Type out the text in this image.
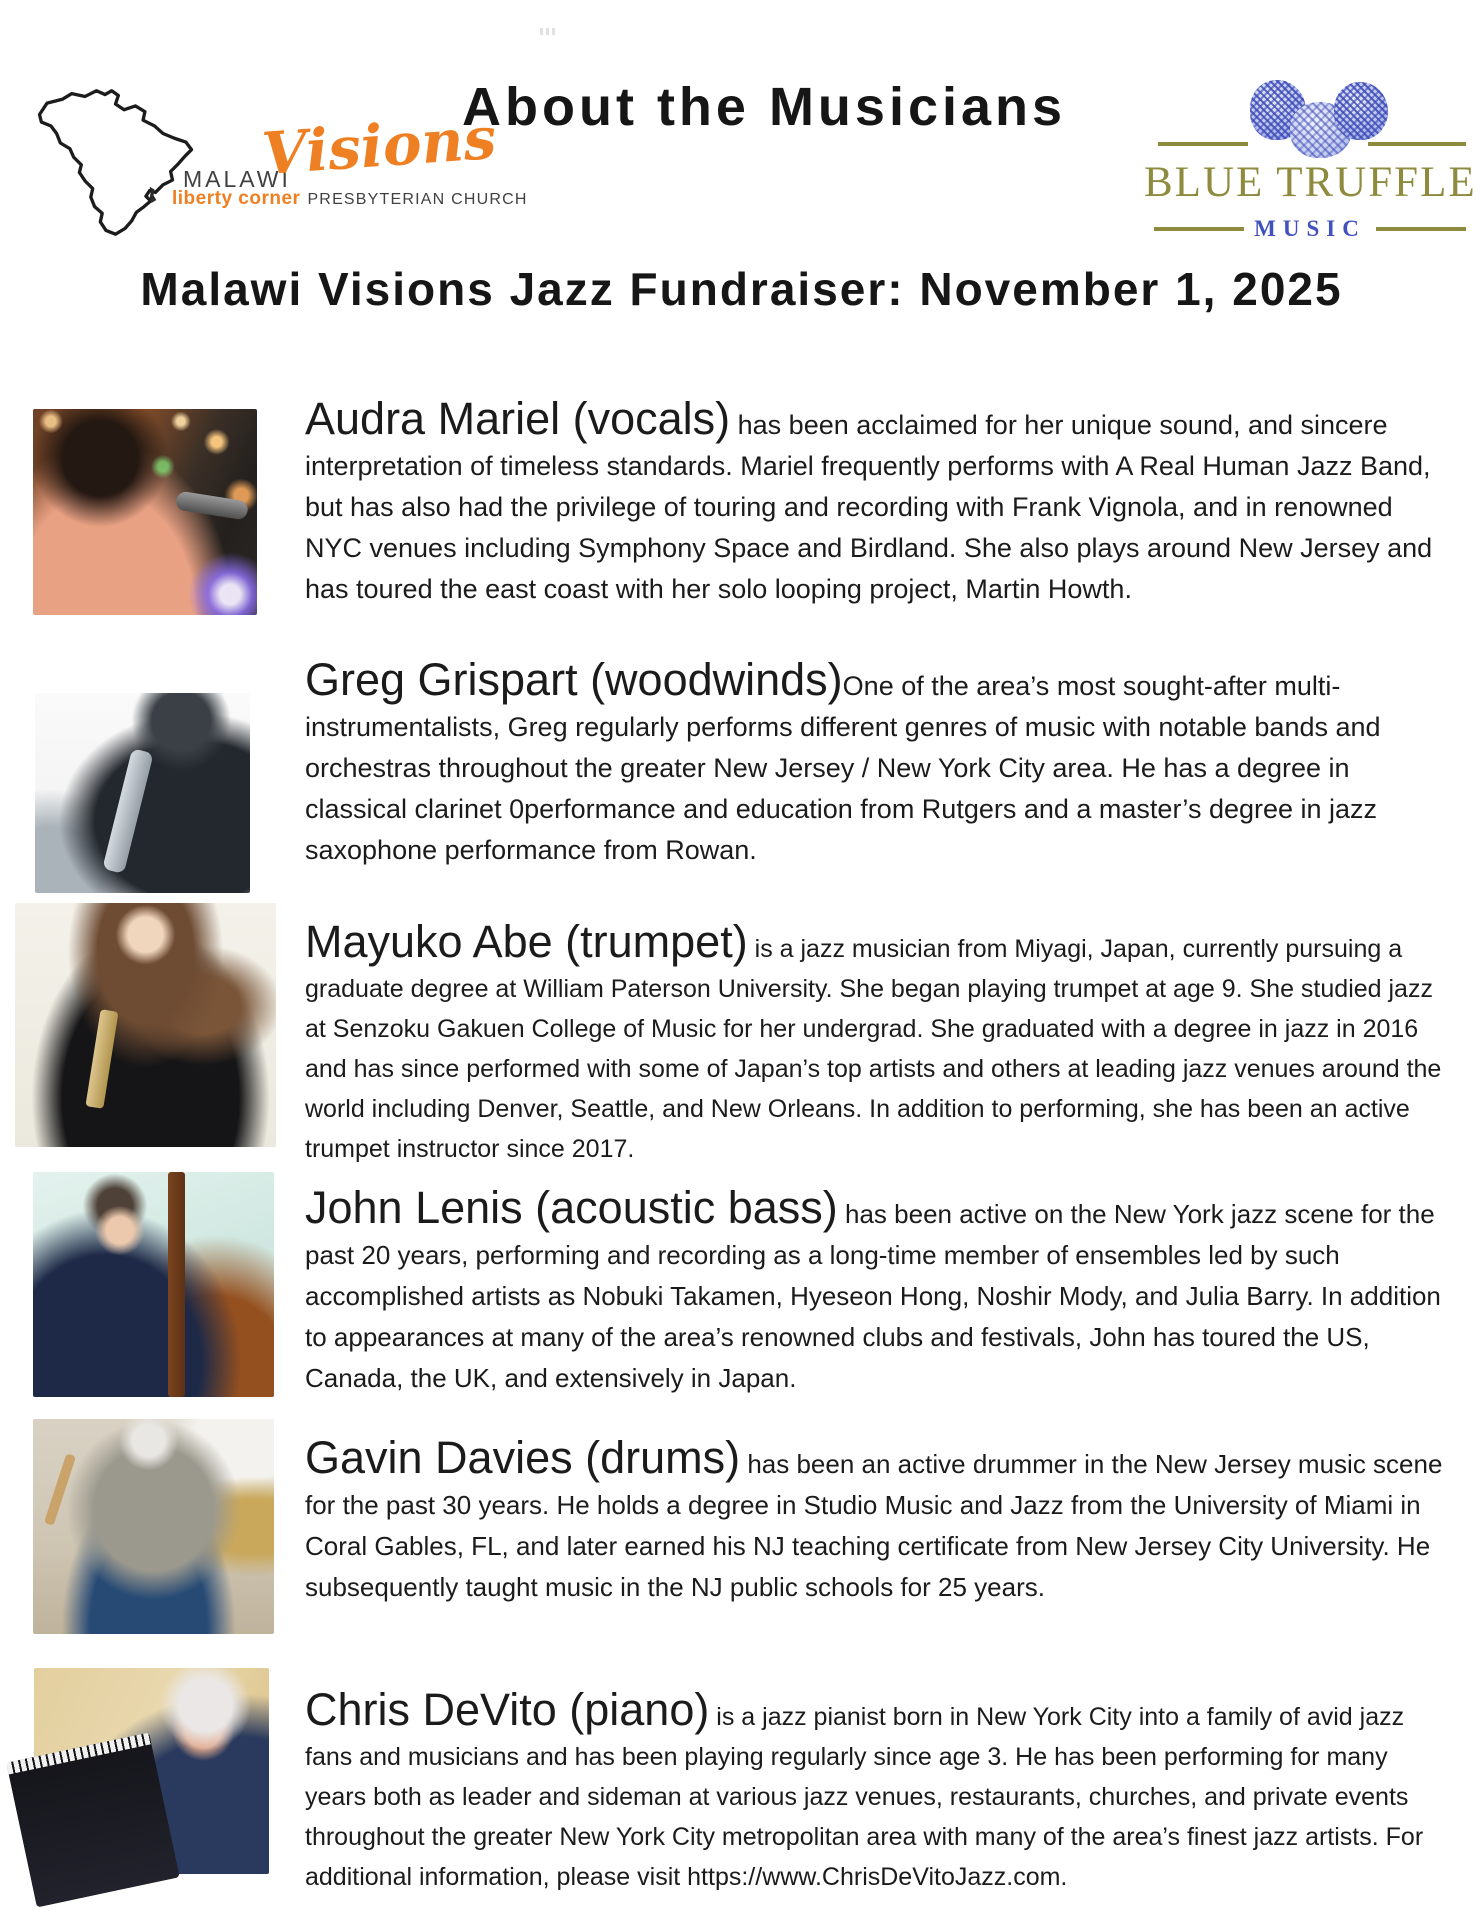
About the Musicians
MALAWI
Visions
liberty corner PRESBYTERIAN CHURCH	BLUE TRUFFLE

MUSIC
Malawi Visions Jazz Fundraiser: November 1, 2025

Audra Mariel (vocals) has been acclaimed for her unique sound, and sincere interpretation of timeless standards. Mariel frequently performs with A Real Human Jazz Band, but has also had the privilege of touring and recording with Frank Vignola, and in renowned NYC venues including Symphony Space and Birdland. She also plays around New Jersey and has toured the east coast with her solo looping project, Martin Howth.

Greg Grispart (woodwinds)One of the area’s most sought-after multi-instrumentalists, Greg regularly performs different genres of music with notable bands and orchestras throughout the greater New Jersey / New York City area. He has a degree in classical clarinet 0performance and education from Rutgers and a master’s degree in jazz saxophone performance from Rowan.

Mayuko Abe (trumpet) is a jazz musician from Miyagi, Japan, currently pursuing a graduate degree at William Paterson University. She began playing trumpet at age 9. She studied jazz at Senzoku Gakuen College of Music for her undergrad. She graduated with a degree in jazz in 2016 and has since performed with some of Japan’s top artists and others at leading jazz venues around the world including Denver, Seattle, and New Orleans. In addition to performing, she has been an active trumpet instructor since 2017.

John Lenis (acoustic bass) has been active on the New York jazz scene for the past 20 years, performing and recording as a long-time member of ensembles led by such accomplished artists as Nobuki Takamen, Hyeseon Hong, Noshir Mody, and Julia Barry. In addition to appearances at many of the area’s renowned clubs and festivals, John has toured the US, Canada, the UK, and extensively in Japan.

Gavin Davies (drums) has been an active drummer in the New Jersey music scene for the past 30 years. He holds a degree in Studio Music and Jazz from the University of Miami in Coral Gables, FL, and later earned his NJ teaching certificate from New Jersey City University. He subsequently taught music in the NJ public schools for 25 years.

Chris DeVito (piano) is a jazz pianist born in New York City into a family of avid jazz fans and musicians and has been playing regularly since age 3. He has been performing for many years both as leader and sideman at various jazz venues, restaurants, churches, and private events throughout the greater New York City metropolitan area with many of the area’s finest jazz artists. For additional information, please visit https://www.ChrisDeVitoJazz.com.
